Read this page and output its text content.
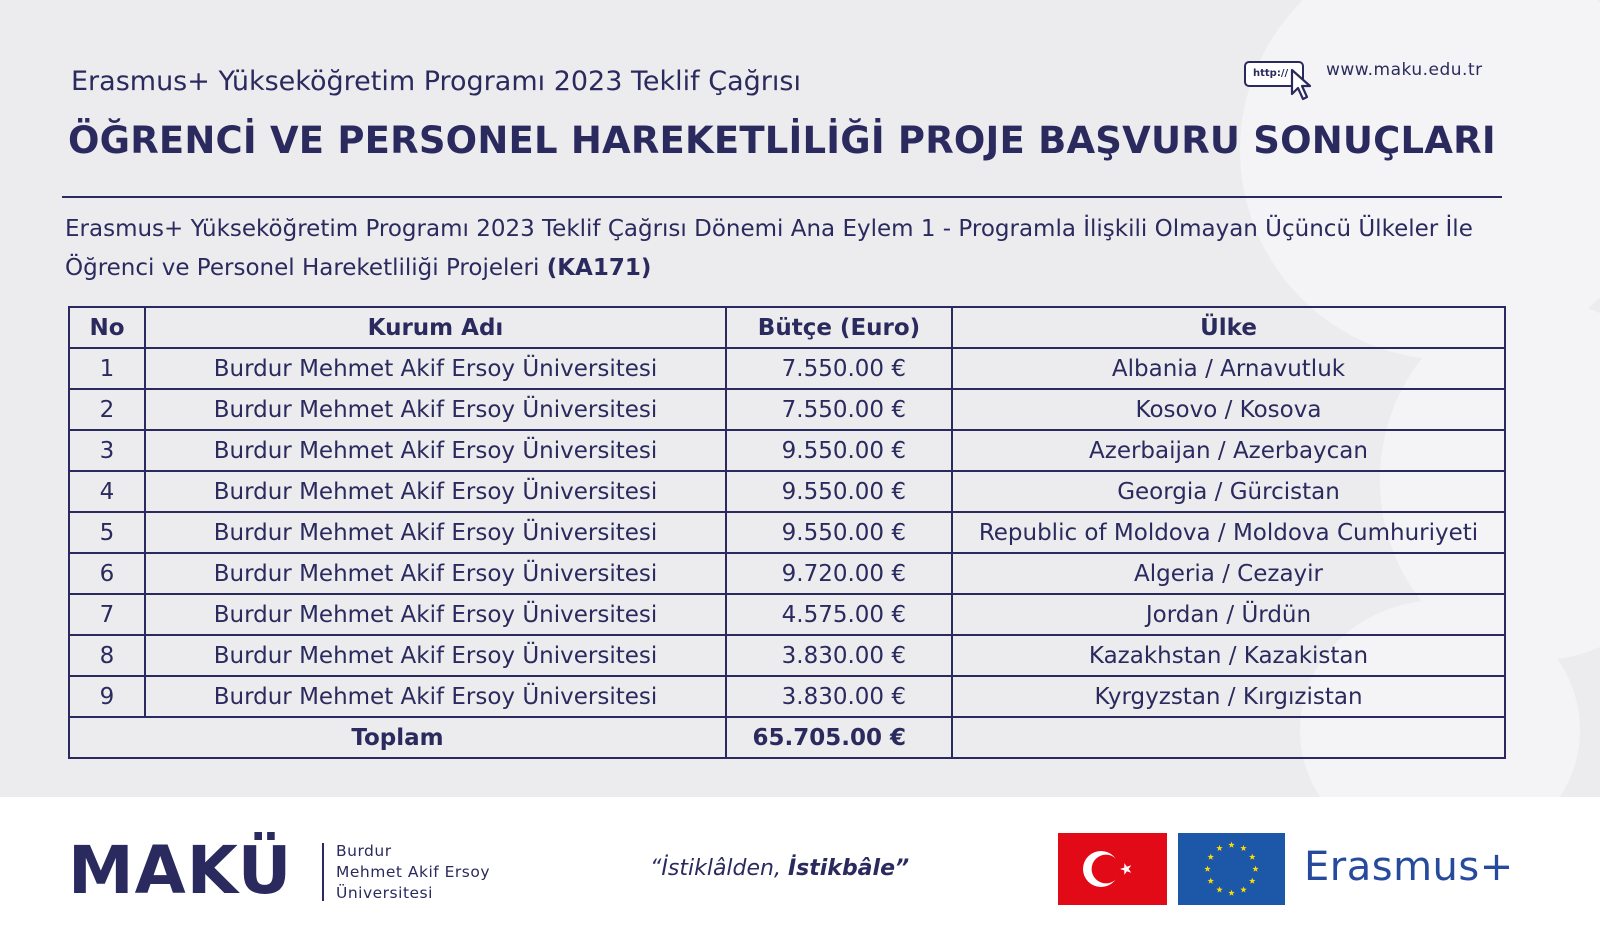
Erasmus+ Yükseköğretim Programı 2023 Teklif Çağrısı
ÖĞRENCİ VE PERSONEL HAREKETLİLİĞİ PROJE BAŞVURU SONUÇLARI
http://	www.maku.edu.tr
Erasmus+ Yükseköğretim Programı 2023 Teklif Çağrısı Dönemi Ana Eylem 1 - Programla İlişkili Olmayan Üçüncü Ülkeler İle Öğrenci ve Personel Hareketliliği Projeleri (KA171)
No	Kurum Adı	Bütçe (Euro)	Ülke
1	Burdur Mehmet Akif Ersoy Üniversitesi	7.550.00 €	Albania / Arnavutluk
2	Burdur Mehmet Akif Ersoy Üniversitesi	7.550.00 €	Kosovo / Kosova
3	Burdur Mehmet Akif Ersoy Üniversitesi	9.550.00 €	Azerbaijan / Azerbaycan
4	Burdur Mehmet Akif Ersoy Üniversitesi	9.550.00 €	Georgia / Gürcistan
5	Burdur Mehmet Akif Ersoy Üniversitesi	9.550.00 €	Republic of Moldova / Moldova Cumhuriyeti
6	Burdur Mehmet Akif Ersoy Üniversitesi	9.720.00 €	Algeria / Cezayir
7	Burdur Mehmet Akif Ersoy Üniversitesi	4.575.00 €	Jordan / Ürdün
8	Burdur Mehmet Akif Ersoy Üniversitesi	3.830.00 €	Kazakhstan / Kazakistan
9	Burdur Mehmet Akif Ersoy Üniversitesi	3.830.00 €	Kyrgyzstan / Kırgızistan
Toplam		65.705.00 €	
MAKÜ	Burdur
Mehmet Akif Ersoy
Üniversitesi
“İstiklâlden, İstikbâle”	Erasmus+
